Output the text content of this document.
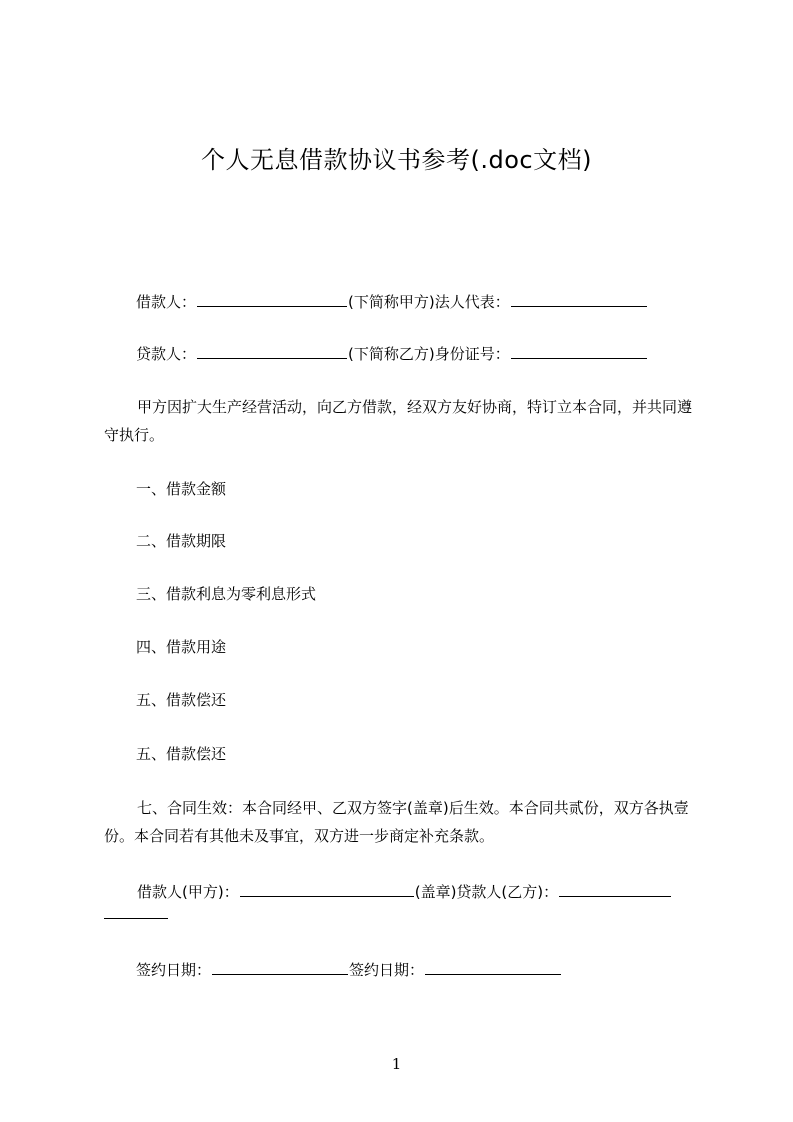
个人无息借款协议书参考(.doc文档)
借款人：	(下简称甲方)法人代表：
贷款人：	(下简称乙方)身份证号：
甲方因扩大生产经营活动，向乙方借款，经双方友好协商，特订立本合同，并共同遵守执行。
一、借款金额
二、借款期限
三、借款利息为零利息形式
四、借款用途
五、借款偿还
五、借款偿还
七、合同生效：本合同经甲、乙双方签字(盖章)后生效。本合同共贰份，双方各执壹份。本合同若有其他未及事宜，双方进一步商定补充条款。
借款人(甲方)：	(盖章)贷款人(乙方)：
签约日期：	签约日期：
1
